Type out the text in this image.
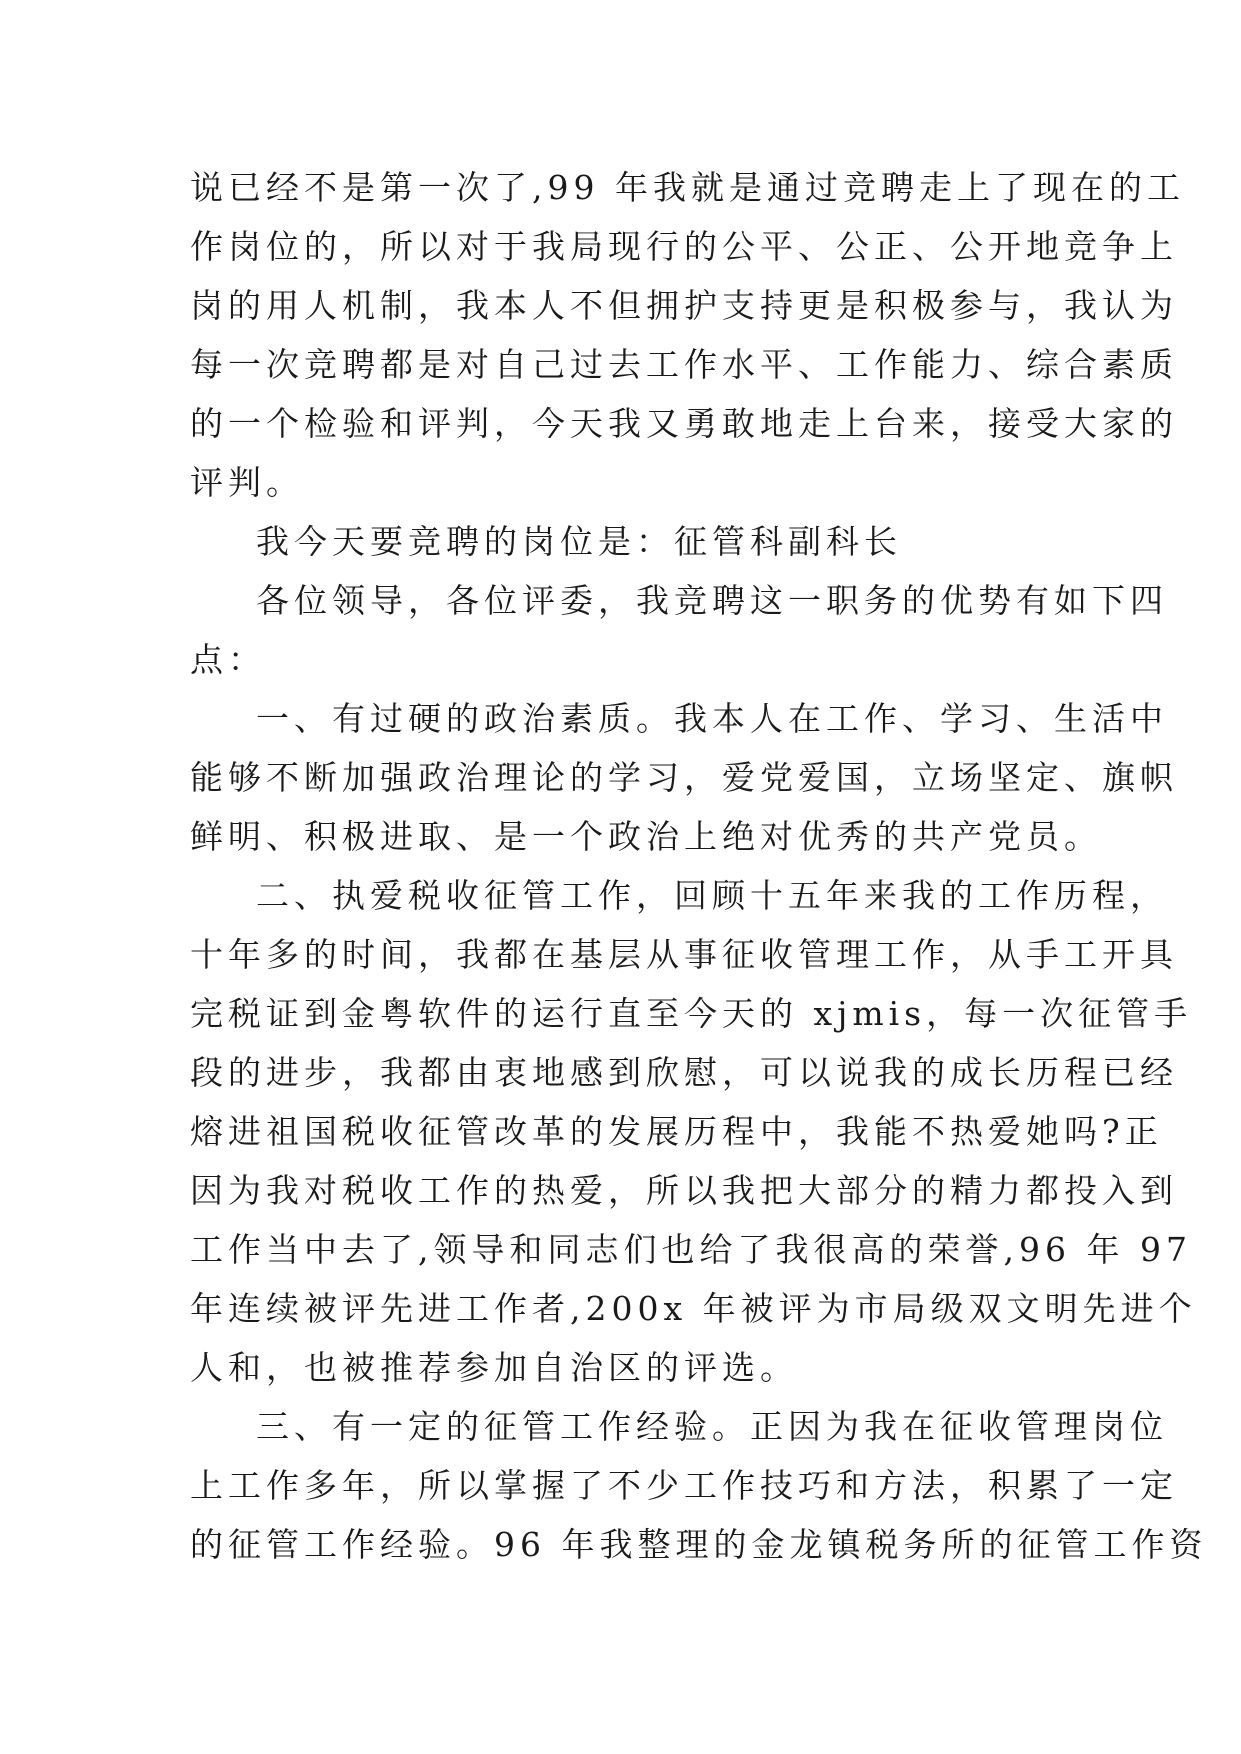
说已经不是第一次了,99 年我就是通过竞聘走上了现在的工
作岗位的，所以对于我局现行的公平、公正、公开地竞争上
岗的用人机制，我本人不但拥护支持更是积极参与，我认为
每一次竞聘都是对自己过去工作水平、工作能力、综合素质
的一个检验和评判，今天我又勇敢地走上台来，接受大家的
评判。
我今天要竞聘的岗位是：征管科副科长
各位领导，各位评委，我竞聘这一职务的优势有如下四
点：
一、有过硬的政治素质。我本人在工作、学习、生活中
能够不断加强政治理论的学习，爱党爱国，立场坚定、旗帜
鲜明、积极进取、是一个政治上绝对优秀的共产党员。
二、执爱税收征管工作，回顾十五年来我的工作历程，
十年多的时间，我都在基层从事征收管理工作，从手工开具
完税证到金粤软件的运行直至今天的 xjmis，每一次征管手
段的进步，我都由衷地感到欣慰，可以说我的成长历程已经
熔进祖国税收征管改革的发展历程中，我能不热爱她吗?正
因为我对税收工作的热爱，所以我把大部分的精力都投入到
工作当中去了,领导和同志们也给了我很高的荣誉,96 年 97
年连续被评先进工作者,200x 年被评为市局级双文明先进个
人和，也被推荐参加自治区的评选。
三、有一定的征管工作经验。正因为我在征收管理岗位
上工作多年，所以掌握了不少工作技巧和方法，积累了一定
的征管工作经验。96 年我整理的金龙镇税务所的征管工作资
